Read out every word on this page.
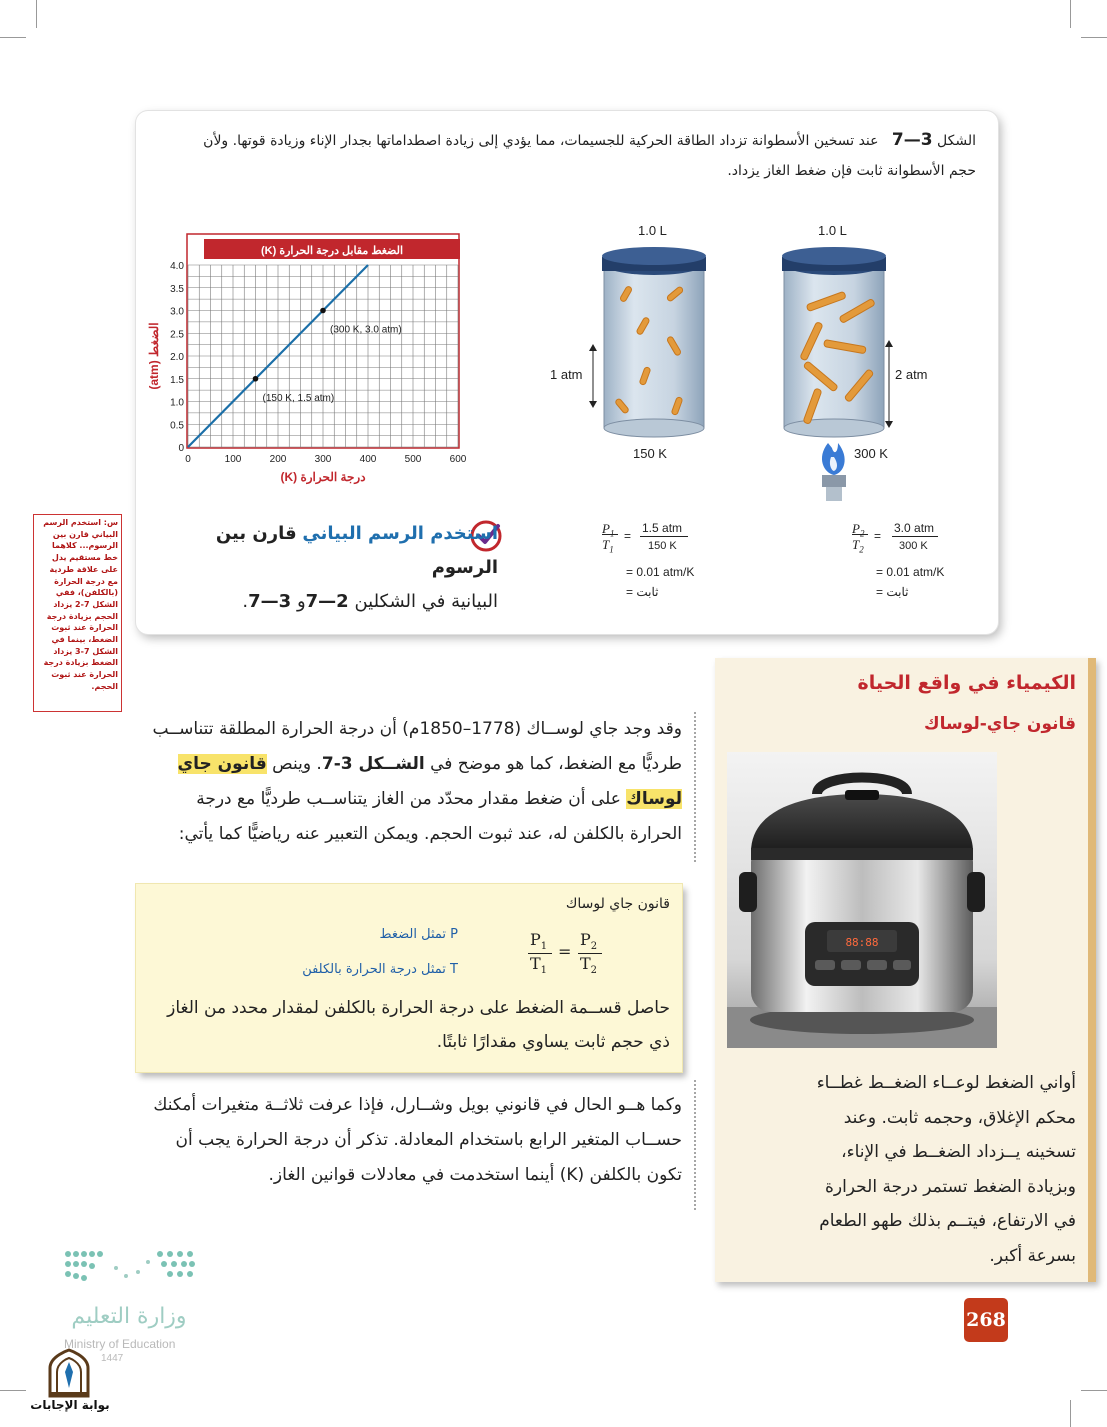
الشكل 3—7   عند تسخين الأسطوانة تزداد الطاقة الحركية للجسيمات، مما يؤدي إلى زيادة اصطداماتها بجدار الإناء وزيادة قوتها. ولأن
حجم الأسطوانة ثابت فإن ضغط الغاز يزداد.
1.0 L
2 atm
300 K
1.0 L
1 atm
150 K
$P_1$
$T_1$
=
1.5 atm
150 K
= 0.01 atm/K
= ثابت
$P_2$
$T_2$
=
3.0 atm
300 K
= 0.01 atm/K
= ثابت
الضغط مقابل درجة الحرارة (K)
0	100	200	300	400	500	600
0
0.5
1.0
1.5
2.0
2.5
3.0
3.5
4.0
درجة الحرارة (K)
الضغط (atm)
(150 K, 1.5 atm)
(300 K, 3.0 atm)
استخدم الرسم البياني قارن بين الرسوم
البيانية في الشكلين 2—7و 3—7.
س: استخدم الرسم البياني قارن بين الرسوم... كلاهما خط مستقيم يدل على علاقة طردية مع درجة الحرارة (بالكلفن)، ففي الشكل 7-2 يزداد الحجم بزيادة درجة الحرارة عند ثبوت الضغط، بينما في الشكل 7-3 يزداد الضغط بزيادة درجة الحرارة عند ثبوت الحجم.
وقد وجد جاي لوســاك (1778–1850م) أن درجة الحرارة المطلقة تتناســب طرديًّا مع الضغط، كما هو موضح في الشــكل 3-7. وينص قانون جاي لوساك على أن ضغط مقدار محدّد من الغاز يتناســب طرديًّا مع درجة الحرارة بالكلفن له، عند ثبوت الحجم. ويمكن التعبير عنه رياضيًّا كما يأتي:
قانون جاي لوساك
$P_1$
$T_1$
=
$P_2$
$T_2$
P تمثل الضغط
T تمثل درجة الحرارة بالكلفن
حاصل قســمة الضغط على درجة الحرارة بالكلفن لمقدار محدد من الغاز ذي حجم ثابت يساوي مقدارًا ثابتًا.
وكما هــو الحال في قانوني بويل وشــارل، فإذا عرفت ثلاثــة متغيرات أمكنك حســاب المتغير الرابع باستخدام المعادلة. تذكر أن درجة الحرارة يجب أن تكون بالكلفن (K) أينما استخدمت في معادلات قوانين الغاز.
الكيمياء في واقع الحياة
قانون جاي-لوساك
88:88
أواني الضغط لوعــاء الضغــط غطــاء محكم الإغلاق، وحجمه ثابت. وعند تسخينه يــزداد الضغــط في الإناء، وبزيادة الضغط تستمر درجة الحرارة في الارتفاع، فيتــم بذلك طهو الطعام بسرعة أكبر.
268
وزارة التعليم
Ministry of Education
1447
بوابة الإجابات
